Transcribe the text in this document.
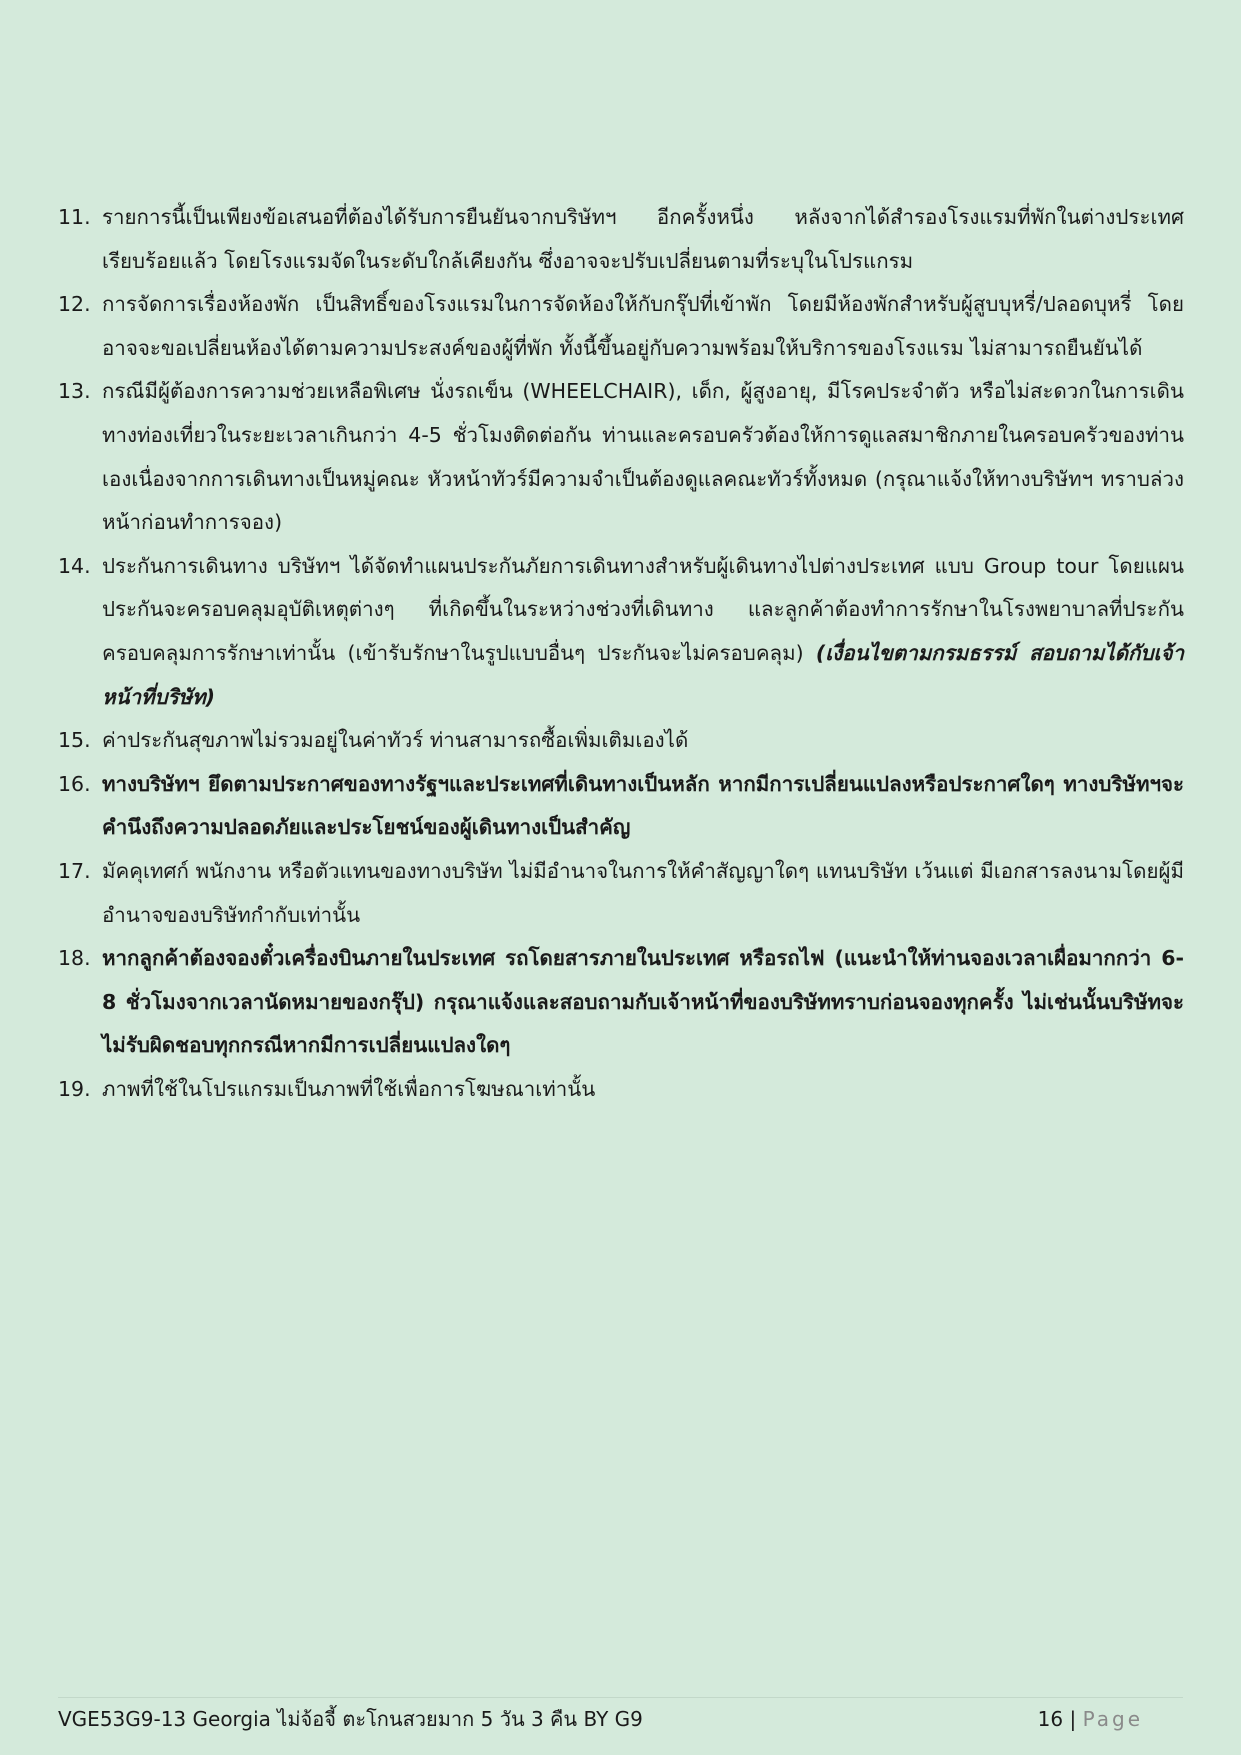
11. รายการนี้เป็นเพียงข้อเสนอที่ต้องได้รับการยืนยันจากบริษัทฯ อีกครั้งหนึ่ง หลังจากได้สำรองโรงแรมที่พักในต่างประเทศเรียบร้อยแล้ว โดยโรงแรมจัดในระดับใกล้เคียงกัน ซึ่งอาจจะปรับเปลี่ยนตามที่ระบุในโปรแกรม
12. การจัดการเรื่องห้องพัก เป็นสิทธิ์ของโรงแรมในการจัดห้องให้กับกรุ๊ปที่เข้าพัก โดยมีห้องพักสำหรับผู้สูบบุหรี่/ปลอดบุหรี่ โดยอาจจะขอเปลี่ยนห้องได้ตามความประสงค์ของผู้ที่พัก ทั้งนี้ขึ้นอยู่กับความพร้อมให้บริการของโรงแรม ไม่สามารถยืนยันได้
13. กรณีมีผู้ต้องการความช่วยเหลือพิเศษ นั่งรถเข็น (WHEELCHAIR), เด็ก, ผู้สูงอายุ, มีโรคประจำตัว หรือไม่สะดวกในการเดินทางท่องเที่ยวในระยะเวลาเกินกว่า 4-5 ชั่วโมงติดต่อกัน ท่านและครอบครัวต้องให้การดูแลสมาชิกภายในครอบครัวของท่านเองเนื่องจากการเดินทางเป็นหมู่คณะ หัวหน้าทัวร์มีความจำเป็นต้องดูแลคณะทัวร์ทั้งหมด (กรุณาแจ้งให้ทางบริษัทฯ ทราบล่วงหน้าก่อนทำการจอง)
14. ประกันการเดินทาง บริษัทฯ ได้จัดทำแผนประกันภัยการเดินทางสำหรับผู้เดินทางไปต่างประเทศ แบบ Group tour โดยแผนประกันจะครอบคลุมอุบัติเหตุต่างๆ ที่เกิดขึ้นในระหว่างช่วงที่เดินทาง และลูกค้าต้องทำการรักษาในโรงพยาบาลที่ประกันครอบคลุมการรักษาเท่านั้น (เข้ารับรักษาในรูปแบบอื่นๆ ประกันจะไม่ครอบคลุม) (เงื่อนไขตามกรมธรรม์ สอบถามได้กับเจ้าหน้าที่บริษัท)
15. ค่าประกันสุขภาพไม่รวมอยู่ในค่าทัวร์ ท่านสามารถซื้อเพิ่มเติมเองได้
16. ทางบริษัทฯ ยึดตามประกาศของทางรัฐฯและประเทศที่เดินทางเป็นหลัก หากมีการเปลี่ยนแปลงหรือประกาศใดๆ ทางบริษัทฯจะคำนึงถึงความปลอดภัยและประโยชน์ของผู้เดินทางเป็นสำคัญ
17. มัคคุเทศก์ พนักงาน หรือตัวแทนของทางบริษัท ไม่มีอำนาจในการให้คำสัญญาใดๆ แทนบริษัท เว้นแต่ มีเอกสารลงนามโดยผู้มีอำนาจของบริษัทกำกับเท่านั้น
18. หากลูกค้าต้องจองตั๋วเครื่องบินภายในประเทศ รถโดยสารภายในประเทศ หรือรถไฟ (แนะนำให้ท่านจองเวลาเผื่อมากกว่า 6-8 ชั่วโมงจากเวลานัดหมายของกรุ๊ป) กรุณาแจ้งและสอบถามกับเจ้าหน้าที่ของบริษัททราบก่อนจองทุกครั้ง ไม่เช่นนั้นบริษัทจะไม่รับผิดชอบทุกกรณีหากมีการเปลี่ยนแปลงใดๆ
19. ภาพที่ใช้ในโปรแกรมเป็นภาพที่ใช้เพื่อการโฆษณาเท่านั้น
VGE53G9-13 Georgia ไม่จ้อจี้ ตะโกนสวยมาก 5 วัน 3 คืน BY G9	16 | Page
